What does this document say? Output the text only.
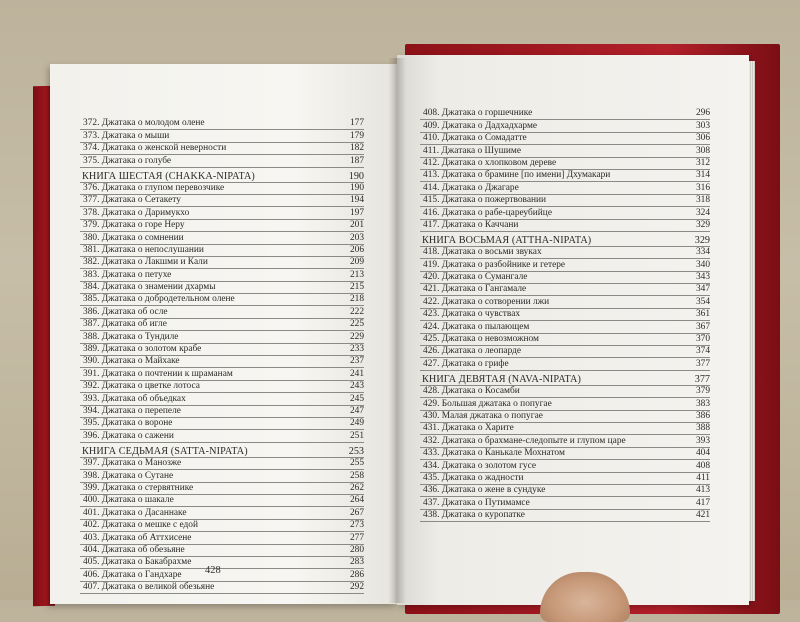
372. Джатака о молодом олене	177
373. Джатака о мыши	179
374. Джатака о женской неверности	182
375. Джатака о голубе	187
КНИГА ШЕСТАЯ (CHAKKA-NIPATA)	190
376. Джатака о глупом перевозчике	190
377. Джатака о Сетакету	194
378. Джатака о Даримукхо	197
379. Джатака о горе Неру	201
380. Джатака о сомнении	203
381. Джатака о непослушании	206
382. Джатака о Лакшми и Кали	209
383. Джатака о петухе	213
384. Джатака о знамении дхармы	215
385. Джатака о добродетельном олене	218
386. Джатака об осле	222
387. Джатака об игле	225
388. Джатака о Тундиле	229
389. Джатака о золотом крабе	233
390. Джатака о Майхаке	237
391. Джатака о почтении к шраманам	241
392. Джатака о цветке лотоса	243
393. Джатака об объедках	245
394. Джатака о перепеле	247
395. Джатака о вороне	249
396. Джатака о сажени	251
КНИГА СЕДЬМАЯ (SATTA-NIPATA)	253
397. Джатака о Манозже	255
398. Джатака о Сутане	258
399. Джатака о стервятнике	262
400. Джатака о шакале	264
401. Джатака о Дасаннаке	267
402. Джатака о мешке с едой	273
403. Джатака об Аттхисене	277
404. Джатака об обезьяне	280
405. Джатака о Бакабрахме	283
406. Джатака о Гандхаре	286
407. Джатака о великой обезьяне	292
408. Джатака о горшечнике	296
409. Джатака о Дадхадхарме	303
410. Джатака о Сомадатте	306
411. Джатака о Шушиме	308
412. Джатака о хлопковом дереве	312
413. Джатака о брамине [по имени] Дхумакари	314
414. Джатака о Джагаре	316
415. Джатака о пожертвовании	318
416. Джатака о рабе-цареубийце	324
417. Джатака о Каччани	329
КНИГА ВОСЬМАЯ (ATTHA-NIPATA)	329
418. Джатака о восьми звуках	334
419. Джатака о разбойнике и гетере	340
420. Джатака о Сумангале	343
421. Джатака о Гангамале	347
422. Джатака о сотворении лжи	354
423. Джатака о чувствах	361
424. Джатака о пылающем	367
425. Джатака о невозможном	370
426. Джатака о леопарде	374
427. Джатака о грифе	377
КНИГА ДЕВЯТАЯ (NAVA-NIPATA)	377
428. Джатака о Косамби	379
429. Большая джатака о попугае	383
430. Малая джатака о попугае	386
431. Джатака о Харите	388
432. Джатака о брахмане-следопыте и глупом царе	393
433. Джатака о Канькале Мохнатом	404
434. Джатака о золотом гусе	408
435. Джатака о жадности	411
436. Джатака о жене в сундуке	413
437. Джатака о Путимамсе	417
438. Джатака о куропатке	421
428
